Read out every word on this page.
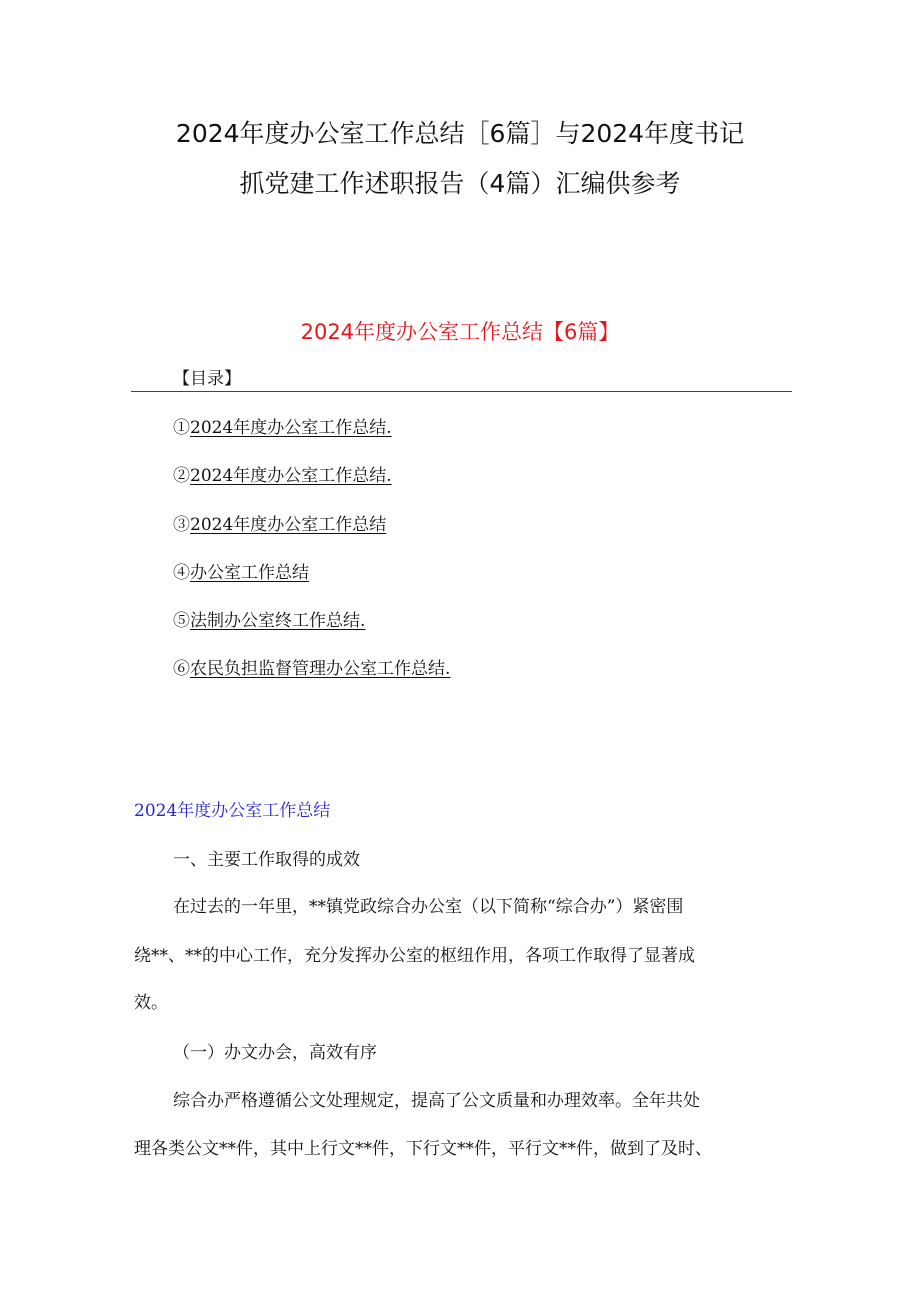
2024年度办公室工作总结［6篇］与2024年度书记
抓党建工作述职报告（4篇）汇编供参考
2024年度办公室工作总结【6篇】
【目录】
①2024年度办公室工作总结.
②2024年度办公室工作总结.
③2024年度办公室工作总结
④办公室工作总结
⑤法制办公室终工作总结.
⑥农民负担监督管理办公室工作总结.
2024年度办公室工作总结
一、主要工作取得的成效
在过去的一年里，**镇党政综合办公室（以下简称“综合办”）紧密围
绕**、**的中心工作，充分发挥办公室的枢纽作用，各项工作取得了显著成
效。
（一）办文办会，高效有序
综合办严格遵循公文处理规定，提高了公文质量和办理效率。全年共处
理各类公文**件，其中上行文**件，下行文**件，平行文**件，做到了及时、
